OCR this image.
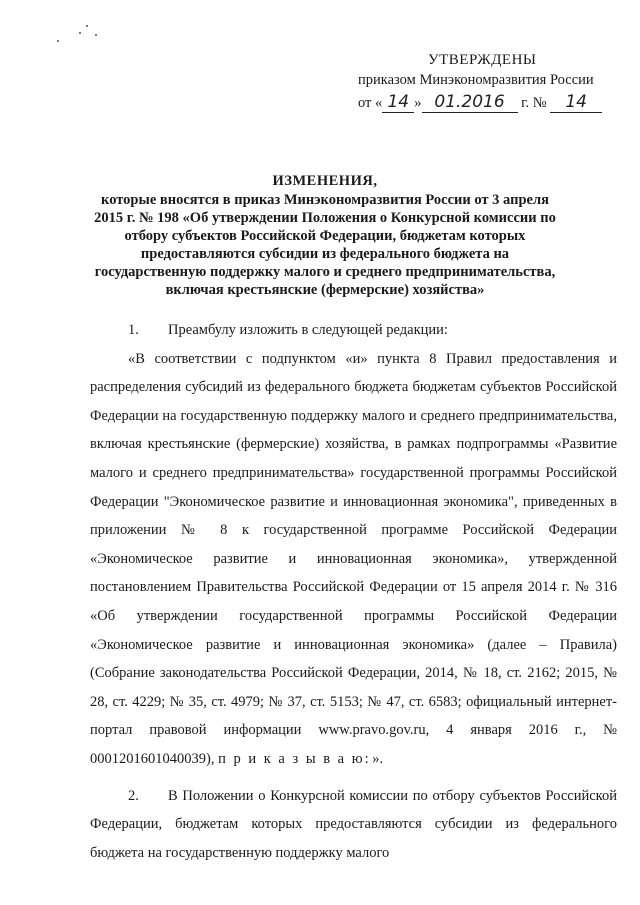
УТВЕРЖДЕНЫ
приказом Минэкономразвития России
от « 14 » 01.2016 г. № 14
ИЗМЕНЕНИЯ,
которые вносятся в приказ Минэкономразвития России от 3 апреля 2015 г. № 198 «Об утверждении Положения о Конкурсной комиссии по отбору субъектов Российской Федерации, бюджетам которых предоставляются субсидии из федерального бюджета на государственную поддержку малого и среднего предпринимательства, включая крестьянские (фермерские) хозяйства»

1. Преамбулу изложить в следующей редакции:

«В соответствии с подпунктом «и» пункта 8 Правил предоставления и распределения субсидий из федерального бюджета бюджетам субъектов Российской Федерации на государственную поддержку малого и среднего предпринимательства, включая крестьянские (фермерские) хозяйства, в рамках подпрограммы «Развитие малого и среднего предпринимательства» государственной программы Российской Федерации "Экономическое развитие и инновационная экономика", приведенных в приложении № 8 к государственной программе Российской Федерации «Экономическое развитие и инновационная экономика», утвержденной постановлением Правительства Российской Федерации от 15 апреля 2014 г. № 316 «Об утверждении государственной программы Российской Федерации «Экономическое развитие и инновационная экономика» (далее – Правила) (Собрание законодательства Российской Федерации, 2014, № 18, ст. 2162; 2015, № 28, ст. 4229; № 35, ст. 4979; № 37, ст. 5153; № 47, ст. 6583; официальный интернет-портал правовой информации www.pravo.gov.ru, 4 января 2016 г., № 0001201601040039), п р и к а з ы в а ю: ».

2. В Положении о Конкурсной комиссии по отбору субъектов Российской Федерации, бюджетам которых предоставляются субсидии из федерального бюджета на государственную поддержку малого
